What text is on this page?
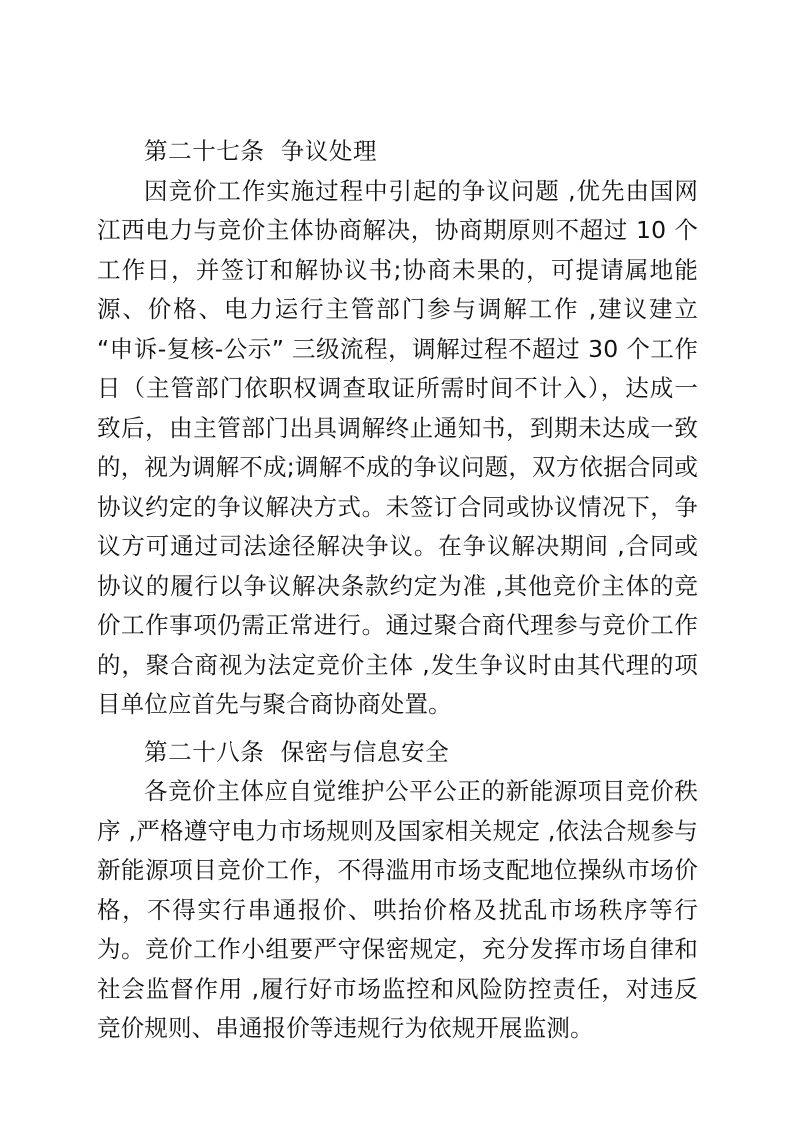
第二十七条  争议处理

因竞价工作实施过程中引起的争议问题 ,优先由国网江西电力与竞价主体协商解决，协商期原则不超过 10 个工作日，并签订和解协议书;协商未果的，可提请属地能源、价格、电力运行主管部门参与调解工作 ,建议建立 “申诉-复核-公示” 三级流程，调解过程不超过 30 个工作日（主管部门依职权调查取证所需时间不计入），达成一致后，由主管部门出具调解终止通知书，到期未达成一致的，视为调解不成;调解不成的争议问题，双方依据合同或协议约定的争议解决方式。未签订合同或协议情况下，争议方可通过司法途径解决争议。在争议解决期间 ,合同或协议的履行以争议解决条款约定为准 ,其他竞价主体的竞价工作事项仍需正常进行。通过聚合商代理参与竞价工作的，聚合商视为法定竞价主体 ,发生争议时由其代理的项目单位应首先与聚合商协商处置。

第二十八条  保密与信息安全

各竞价主体应自觉维护公平公正的新能源项目竞价秩序 ,严格遵守电力市场规则及国家相关规定 ,依法合规参与新能源项目竞价工作，不得滥用市场支配地位操纵市场价格，不得实行串通报价、哄抬价格及扰乱市场秩序等行为。竞价工作小组要严守保密规定，充分发挥市场自律和社会监督作用 ,履行好市场监控和风险防控责任，对违反竞价规则、串通报价等违规行为依规开展监测。
